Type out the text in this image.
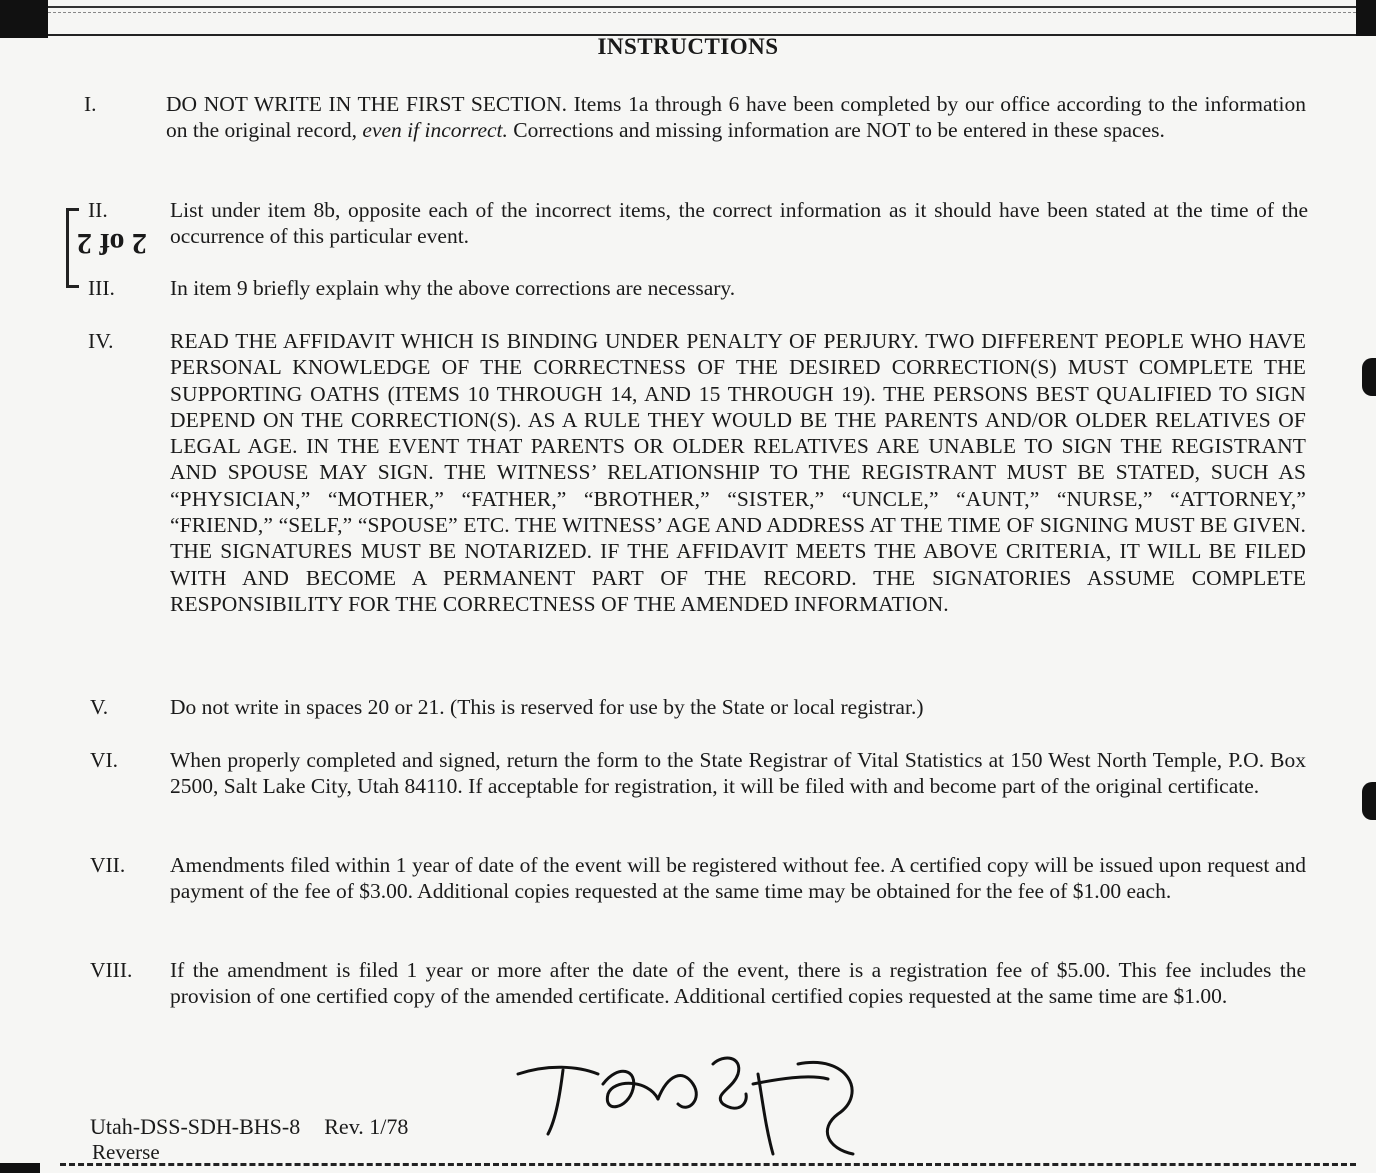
INSTRUCTIONS
I.	DO NOT WRITE IN THE FIRST SECTION. Items 1a through 6 have been completed by our office according to the information on the original record, even if incorrect. Corrections and missing information are NOT to be entered in these spaces.
2 of 2
II.	List under item 8b, opposite each of the incorrect items, the correct information as it should have been stated at the time of the occurrence of this particular event.
III.	In item 9 briefly explain why the above corrections are necessary.
IV.	READ THE AFFIDAVIT WHICH IS BINDING UNDER PENALTY OF PERJURY. TWO DIFFERENT PEOPLE WHO HAVE PERSONAL KNOWLEDGE OF THE CORRECTNESS OF THE DESIRED CORRECTION(S) MUST COMPLETE THE SUPPORTING OATHS (ITEMS 10 THROUGH 14, AND 15 THROUGH 19). THE PERSONS BEST QUALIFIED TO SIGN DEPEND ON THE CORRECTION(S). AS A RULE THEY WOULD BE THE PARENTS AND/OR OLDER RELATIVES OF LEGAL AGE. IN THE EVENT THAT PARENTS OR OLDER RELATIVES ARE UNABLE TO SIGN THE REGISTRANT AND SPOUSE MAY SIGN. THE WITNESS’ RELATIONSHIP TO THE REGISTRANT MUST BE STATED, SUCH AS “PHYSICIAN,” “MOTHER,” “FATHER,” “BROTHER,” “SISTER,” “UNCLE,” “AUNT,” “NURSE,” “ATTORNEY,” “FRIEND,” “SELF,” “SPOUSE” ETC. THE WITNESS’ AGE AND ADDRESS AT THE TIME OF SIGNING MUST BE GIVEN. THE SIGNATURES MUST BE NOTARIZED. IF THE AFFIDAVIT MEETS THE ABOVE CRITERIA, IT WILL BE FILED WITH AND BECOME A PERMANENT PART OF THE RECORD. THE SIGNATORIES ASSUME COMPLETE RESPONSIBILITY FOR THE CORRECTNESS OF THE AMENDED INFORMATION.
V.	Do not write in spaces 20 or 21. (This is reserved for use by the State or local registrar.)
VI. When properly completed and signed, return the form to the State Registrar of Vital Statistics at 150 West North Temple, P.O. Box 2500, Salt Lake City, Utah 84110. If acceptable for registration, it will be filed with and become part of the original certificate.
VII. Amendments filed within 1 year of date of the event will be registered without fee. A certified copy will be issued upon request and payment of the fee of $3.00. Additional copies requested at the same time may be obtained for the fee of $1.00 each.
VIII. If the amendment is filed 1 year or more after the date of the event, there is a registration fee of $5.00. This fee includes the provision of one certified copy of the amended certificate. Additional certified copies requested at the same time are $1.00.
Utah-DSS-SDH-BHS-8 Rev. 1/78
Reverse
